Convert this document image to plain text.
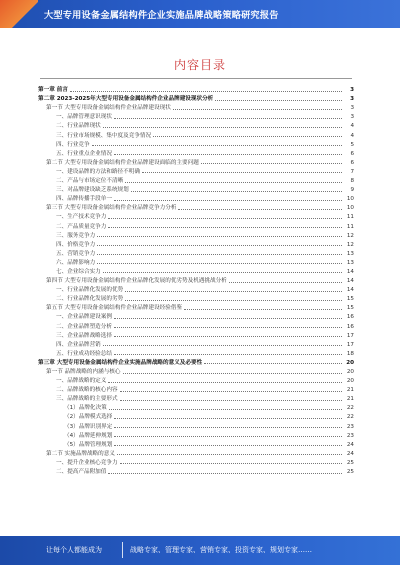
大型专用设备金属结构件企业实施品牌战略策略研究报告
内容目录
第一章 前言	3
第二章 2023-2025年大型专用设备金属结构件企业品牌建设现状分析	3
第一节 大型专用设备金属结构件企业品牌建设现状	3
一、品牌管理意识现状	3
二、行业品牌现状	4
三、行业市场规模、集中度及竞争情况	4
四、行业竞争	5
五、行业重点企业情况	6
第二节 大型专用设备金属结构件企业品牌建设面临的主要问题	6
一、建设品牌的方法和路径不明确	7
二、产品与市场定位不清晰	8
三、对品牌建设缺乏系统规划	9
四、品牌传播手段单一	10
第三节 大型专用设备金属结构件企业品牌竞争力分析	10
一、生产技术竞争力	11
二、产品质量竞争力	11
三、服务竞争力	12
四、价格竞争力	12
五、营销竞争力	13
六、品牌影响力	13
七、企业综合实力	14
第四节 大型专用设备金属结构件企业品牌化发展的优劣势及机遇挑战分析	14
一、行业品牌化发展的优势	14
二、行业品牌化发展的劣势	15
第五节 大型专用设备金属结构件企业品牌建设经验借鉴	15
一、企业品牌建设案例	16
二、企业品牌塑造分析	16
三、企业品牌战略选择	17
四、企业品牌营销	17
五、行业成功经验总结	18
第三章 大型专用设备金属结构件企业实施品牌战略的意义及必要性	20
第一节 品牌战略的内涵与核心	20
一、品牌战略的定义	20
二、品牌战略的核心内容	21
三、品牌战略的主要形式	21
（1）品牌化决策	22
（2）品牌模式选择	22
（3）品牌识别界定	23
（4）品牌延伸规划	23
（5）品牌管理规划	24
第二节 实施品牌战略的意义	24
一、提升企业核心竞争力	25
二、提高产品附加值	25
让每个人都能成为	战略专家、管理专家、营销专家、投资专家、规划专家……
